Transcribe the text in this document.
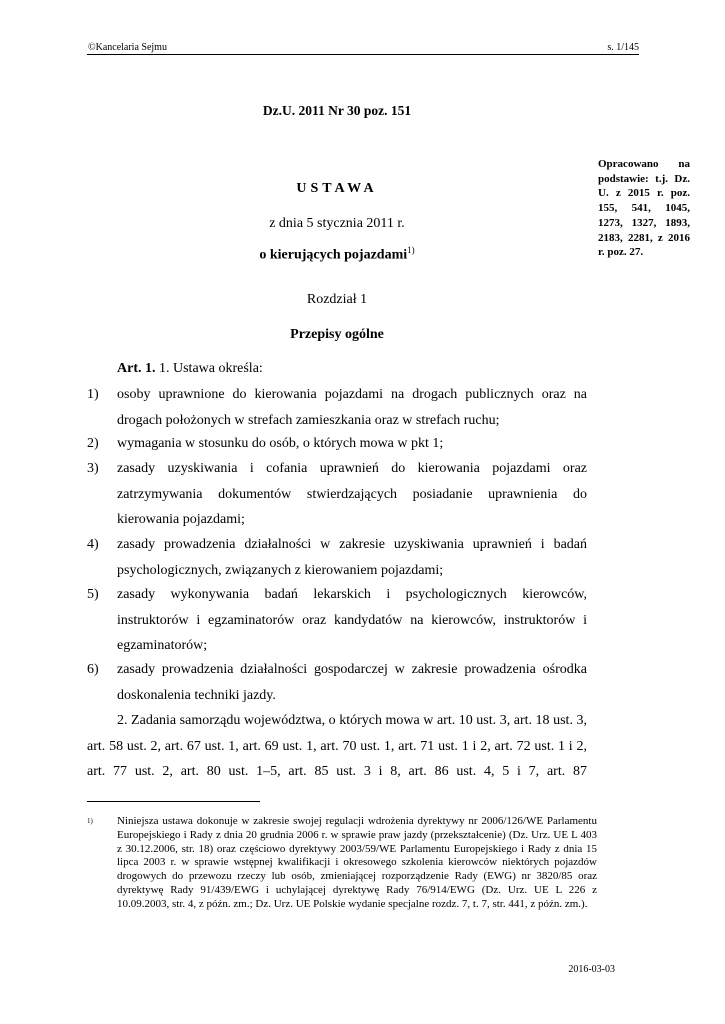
©Kancelaria Sejmu	s. 1/145
Dz.U. 2011 Nr 30 poz. 151
Opracowano na podstawie: t.j. Dz. U. z 2015 r. poz. 155, 541, 1045, 1273, 1327, 1893, 2183, 2281, z 2016 r. poz. 27.
USTAWA
z dnia 5 stycznia 2011 r.
o kierujących pojazdami$^{1)}$
Rozdział 1
Przepisy ogólne
Art. 1. 1. Ustawa określa:
1)	osoby uprawnione do kierowania pojazdami na drogach publicznych oraz na drogach położonych w strefach zamieszkania oraz w strefach ruchu;
2)	wymagania w stosunku do osób, o których mowa w pkt 1;
3)	zasady uzyskiwania i cofania uprawnień do kierowania pojazdami oraz zatrzymywania dokumentów stwierdzających posiadanie uprawnienia do kierowania pojazdami;
4)	zasady prowadzenia działalności w zakresie uzyskiwania uprawnień i badań psychologicznych, związanych z kierowaniem pojazdami;
5)	zasady wykonywania badań lekarskich i psychologicznych kierowców, instruktorów i egzaminatorów oraz kandydatów na kierowców, instruktorów i egzaminatorów;
6)	zasady prowadzenia działalności gospodarczej w zakresie prowadzenia ośrodka doskonalenia techniki jazdy.
2. Zadania samorządu województwa, o których mowa w art. 10 ust. 3, art. 18 ust. 3, art. 58 ust. 2, art. 67 ust. 1, art. 69 ust. 1, art. 70 ust. 1, art. 71 ust. 1 i 2, art. 72 ust. 1 i 2, art. 77 ust. 2, art. 80 ust. 1–5, art. 85 ust. 3 i 8, art. 86 ust. 4, 5 i 7, art. 87
1)	Niniejsza ustawa dokonuje w zakresie swojej regulacji wdrożenia dyrektywy nr 2006/126/WE Parlamentu Europejskiego i Rady z dnia 20 grudnia 2006 r. w sprawie praw jazdy (przekształcenie) (Dz. Urz. UE L 403 z 30.12.2006, str. 18) oraz częściowo dyrektywy 2003/59/WE Parlamentu Europejskiego i Rady z dnia 15 lipca 2003 r. w sprawie wstępnej kwalifikacji i okresowego szkolenia kierowców niektórych pojazdów drogowych do przewozu rzeczy lub osób, zmieniającej rozporządzenie Rady (EWG) nr 3820/85 oraz dyrektywę Rady 91/439/EWG i uchylającej dyrektywę Rady 76/914/EWG (Dz. Urz. UE L 226 z 10.09.2003, str. 4, z późn. zm.; Dz. Urz. UE Polskie wydanie specjalne rozdz. 7, t. 7, str. 441, z późn. zm.).
2016-03-03
